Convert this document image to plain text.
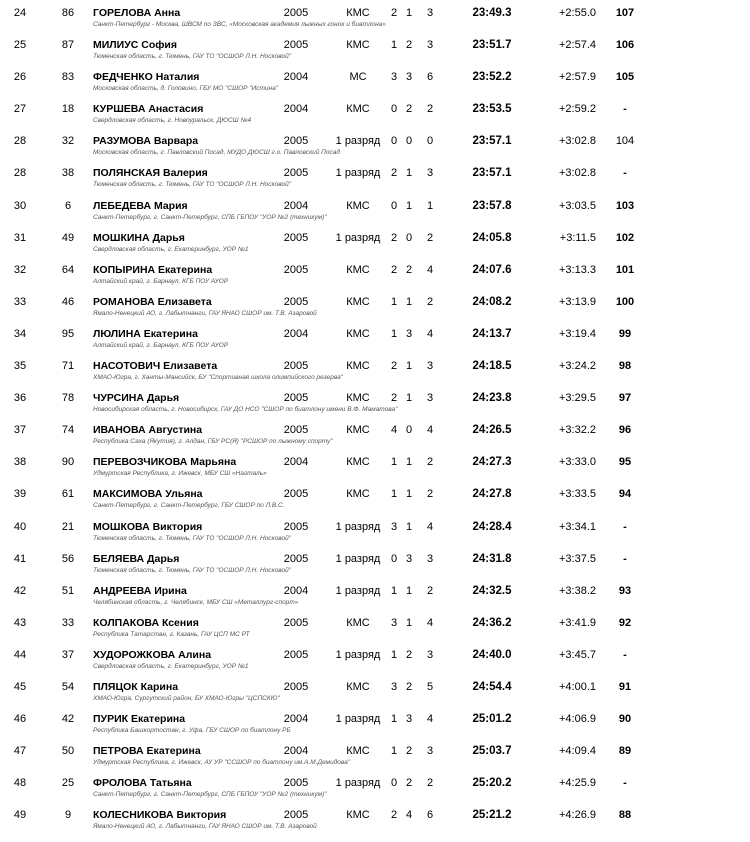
24	86	ГОРЕЛОВА Анна	2005	КМС	2 1 3	23:49.3	+2:55.0	107
Санкт-Петербург - Москва, ШВСМ по ЗВС, «Московская академия лыжных гонок и биатлона»
25	87	МИЛИУС София	2005	КМС	1 2 3	23:51.7	+2:57.4	106
Тюменская область, г. Тюмень, ГАУ ТО "ОСШОР Л.Н. Носковой"
26	83	ФЕДЧЕНКО Наталия	2004	МС	3 3 6	23:52.2	+2:57.9	105
Московская область, д. Головино, ГБУ МО "СШОР "Истина"
27	18	КУРШЕВА Анастасия	2004	КМС	0 2 2	23:53.5	+2:59.2	-
Свердловская область, г. Новоуральск, ДЮСШ №4
28	32	РАЗУМОВА Варвара	2005	1 разряд 0 0 0	23:57.1	+3:02.8	104
Московская область, г. Павловский Посад, МУДО ДЮСШ г.о. Павловский Посад
28	38	ПОЛЯНСКАЯ Валерия	2005	1 разряд 2 1 3	23:57.1	+3:02.8	-
Тюменская область, г. Тюмень, ГАУ ТО "ОСШОР Л.Н. Носковой"
30	6	ЛЕБЕДЕВА Мария	2004	КМС	0 1 1	23:57.8	+3:03.5	103
Санкт-Петербург, г. Санкт-Петербург, СПБ ГБПОУ "УОР №2 (техникум)"
31	49	МОШКИНА Дарья	2005	1 разряд 2 0 2	24:05.8	+3:11.5	102
Свердловская область, г. Екатеринбург, УОР №1
32	64	КОПЫРИНА Екатерина	2005	КМС	2 2 4	24:07.6	+3:13.3	101
Алтайский край, г. Барнаул, КГБ ПОУ АУОР
33	46	РОМАНОВА Елизавета	2005	КМС	1 1 2	24:08.2	+3:13.9	100
Ямало-Ненецкий АО, г. Лабытнанги, ГАУ ЯНАО СШОР им. Т.В. Азаровой
34	95	ЛЮЛИНА Екатерина	2004	КМС	1 3 4	24:13.7	+3:19.4	99
Алтайский край, г. Барнаул, КГБ ПОУ АУОР
35	71	НАСОТОВИЧ Елизавета	2005	КМС	2 1 3	24:18.5	+3:24.2	98
ХМАО-Югра, г. Ханты-Мансийск, БУ "Спортивная школа олимпийского резерва"
36	78	ЧУРСИНА Дарья	2005	КМС	2 1 3	24:23.8	+3:29.5	97
Новосибирская область, г. Новосибирск, ГАУ ДО НСО "СШОР по биатлону имени В.Ф. Маматова"
37	74	ИВАНОВА Августина	2005	КМС	4 0 4	24:26.5	+3:32.2	96
Республика Саха (Якутия), г. Алдан, ГБУ РС(Я) "РСШОР по лыжному спорту"
38	90	ПЕРЕВОЗЧИКОВА Марьяна	2004	КМС	1 1 2	24:27.3	+3:33.0	95
Удмуртская Республика, г. Ижевск, МБУ СШ «Нагталь»
39	61	МАКСИМОВА Ульяна	2005	КМС	1 1 2	24:27.8	+3:33.5	94
Санкт-Петербург, г. Санкт-Петербург, ГБУ СШОР по Л.В.С.
40	21	МОШКОВА Виктория	2005	1 разряд 3 1 4	24:28.4	+3:34.1	-
Тюменская область, г. Тюмень, ГАУ ТО "ОСШОР Л.Н. Носковой"
41	56	БЕЛЯЕВА Дарья	2005	1 разряд 0 3 3	24:31.8	+3:37.5	-
Тюменская область, г. Тюмень, ГАУ ТО "ОСШОР Л.Н. Носковой"
42	51	АНДРЕЕВА Ирина	2004	1 разряд 1 1 2	24:32.5	+3:38.2	93
Челябинская область, г. Челябинск, МБУ СШ «Металлург-спорт»
43	33	КОЛПАКОВА Ксения	2005	КМС	3 1 4	24:36.2	+3:41.9	92
Республика Татарстан, г. Казань, ГАУ ЦСП МС РТ
44	37	ХУДОРОЖКОВА Алина	2005	1 разряд 1 2 3	24:40.0	+3:45.7	-
Свердловская область, г. Екатеринбург, УОР №1
45	54	ПЛЯЦОК Карина	2005	КМС	3 2 5	24:54.4	+4:00.1	91
ХМАО-Югра, Сургутский район, БУ ХМАО-Югры "ЦСПСКЮ"
46	42	ПУРИК Екатерина	2004	1 разряд 1 3 4	25:01.2	+4:06.9	90
Республика Башкортостан, г. Уфа, ГБУ СШОР по биатлону РБ
47	50	ПЕТРОВА Екатерина	2004	КМС	1 2 3	25:03.7	+4:09.4	89
Удмуртская Республика, г. Ижевск, АУ УР "ССШОР по биатлону им.А.М.Демидова"
48	25	ФРОЛОВА Татьяна	2005	1 разряд 0 2 2	25:20.2	+4:25.9	-
Санкт-Петербург, г. Санкт-Петербург, СПБ ГБПОУ "УОР №2 (техникум)"
49	9	КОЛЕСНИКОВА Виктория	2005	КМС	2 4 6	25:21.2	+4:26.9	88
Ямало-Ненецкий АО, г. Лабытнанги, ГАУ ЯНАО СШОР им. Т.В. Азаровой
